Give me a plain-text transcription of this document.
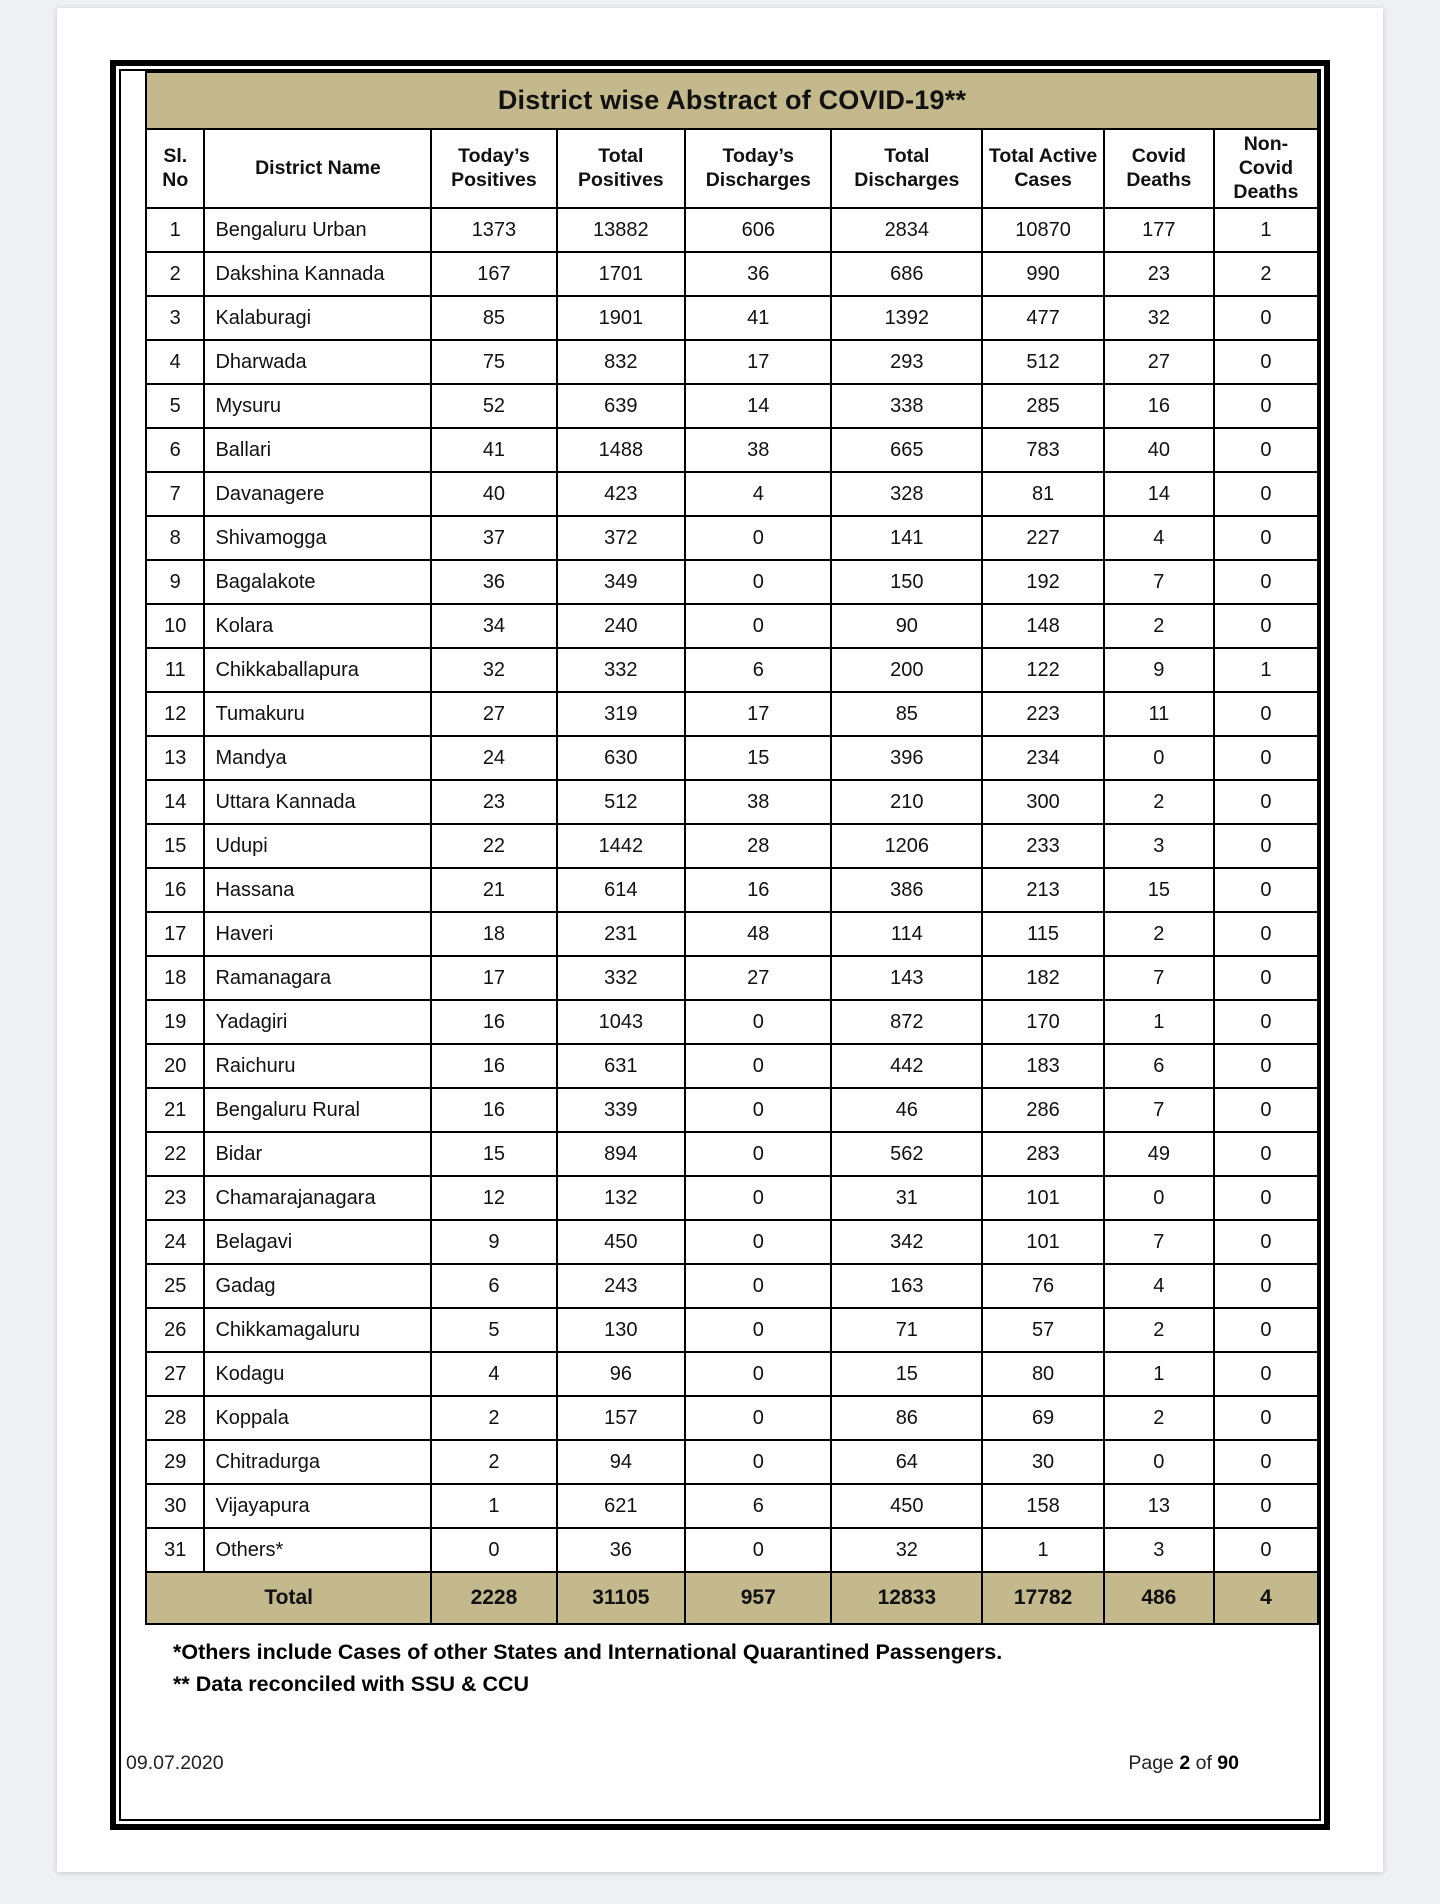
District wise Abstract of COVID-19**								
Sl. No	District Name	Today’s Positives	Total Positives	Today’s Discharges	Total Discharges	Total Active Cases	Covid Deaths	Non-Covid Deaths
1	Bengaluru Urban	1373	13882	606	2834	10870	177	1
2	Dakshina Kannada	167	1701	36	686	990	23	2
3	Kalaburagi	85	1901	41	1392	477	32	0
4	Dharwada	75	832	17	293	512	27	0
5	Mysuru	52	639	14	338	285	16	0
6	Ballari	41	1488	38	665	783	40	0
7	Davanagere	40	423	4	328	81	14	0
8	Shivamogga	37	372	0	141	227	4	0
9	Bagalakote	36	349	0	150	192	7	0
10	Kolara	34	240	0	90	148	2	0
11	Chikkaballapura	32	332	6	200	122	9	1
12	Tumakuru	27	319	17	85	223	11	0
13	Mandya	24	630	15	396	234	0	0
14	Uttara Kannada	23	512	38	210	300	2	0
15	Udupi	22	1442	28	1206	233	3	0
16	Hassana	21	614	16	386	213	15	0
17	Haveri	18	231	48	114	115	2	0
18	Ramanagara	17	332	27	143	182	7	0
19	Yadagiri	16	1043	0	872	170	1	0
20	Raichuru	16	631	0	442	183	6	0
21	Bengaluru Rural	16	339	0	46	286	7	0
22	Bidar	15	894	0	562	283	49	0
23	Chamarajanagara	12	132	0	31	101	0	0
24	Belagavi	9	450	0	342	101	7	0
25	Gadag	6	243	0	163	76	4	0
26	Chikkamagaluru	5	130	0	71	57	2	0
27	Kodagu	4	96	0	15	80	1	0
28	Koppala	2	157	0	86	69	2	0
29	Chitradurga	2	94	0	64	30	0	0
30	Vijayapura	1	621	6	450	158	13	0
31	Others*	0	36	0	32	1	3	0
Total		2228	31105	957	12833	17782	486	4
*Others include Cases of other States and International Quarantined Passengers.
** Data reconciled with SSU & CCU
09.07.2020	Page 2 of 90
